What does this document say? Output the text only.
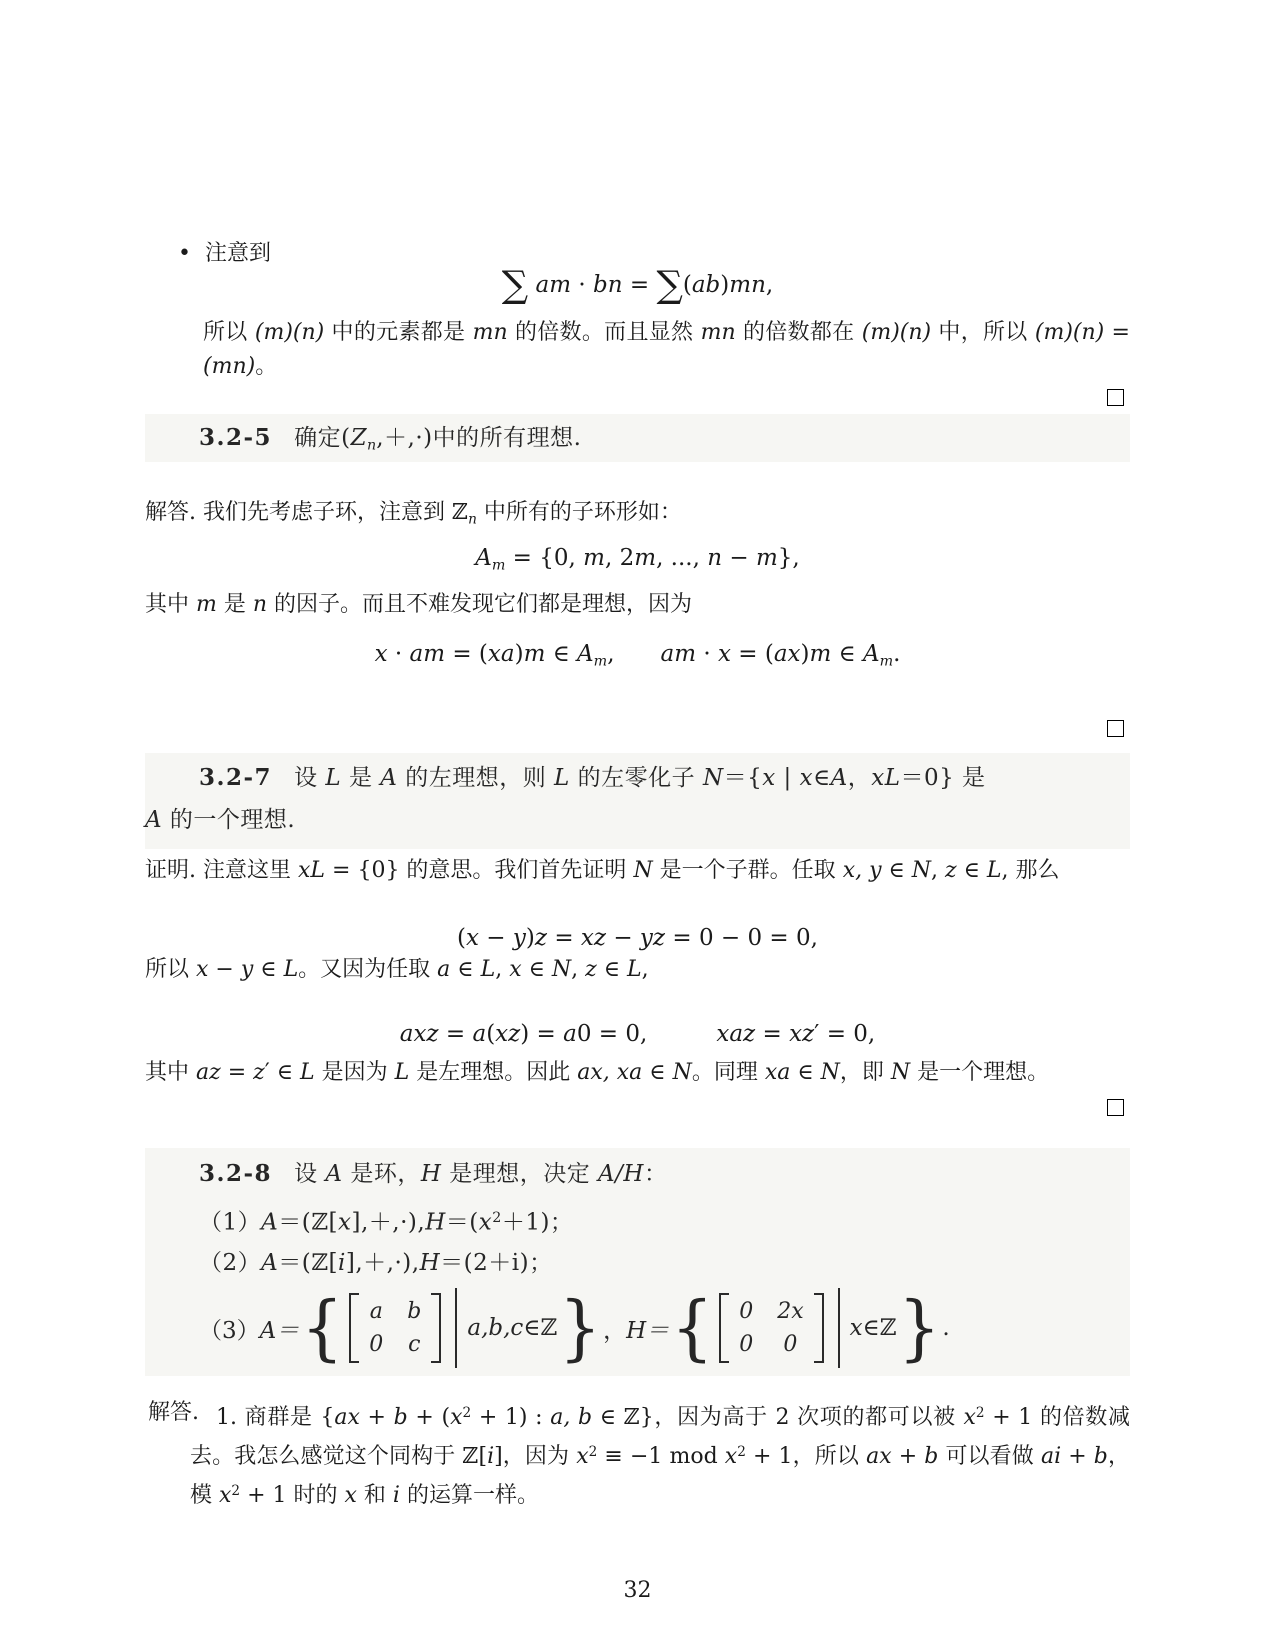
• 注意到
∑ am · bn = ∑(ab)mn,
所以 (m)(n) 中的元素都是 mn 的倍数。而且显然 mn 的倍数都在 (m)(n) 中，所以 (m)(n) = (mn)。
3.2-5 确定(Zn,＋,·)中的所有理想.
解答. 我们先考虑子环，注意到 ℤn 中所有的子环形如：
Am = {0, m, 2m, ..., n − m},
其中 m 是 n 的因子。而且不难发现它们都是理想，因为
x · am = (xa)m ∈ Am,　　am · x = (ax)m ∈ Am.
3.2-7 设 L 是 A 的左理想，则 L 的左零化子 N＝{x | x∈A，xL＝0} 是
A 的一个理想.
证明. 注意这里 xL = {0} 的意思。我们首先证明 N 是一个子群。任取 x, y ∈ N, z ∈ L, 那么
(x − y)z = xz − yz = 0 − 0 = 0,
所以 x − y ∈ L。又因为任取 a ∈ L, x ∈ N, z ∈ L,
axz = a(xz) = a0 = 0,　　　	xaz = xz′ = 0,
其中 az = z′ ∈ L 是因为 L 是左理想。因此 ax, xa ∈ N。同理 xa ∈ N，即 N 是一个理想。
3.2-8 设 A 是环，H 是理想，决定 A/H：
$(1)A=(ℤ[x],+,\cdot),H=(x^2+1)$；
（2）A＝(ℤ[i],＋,·),H＝(2＋i)；
（3） A＝ { a b
0 c
a,b,c∈ℤ } ， H＝ { 0 2x
0 0
x∈ℤ } .
解答. 1. 商群是 {$ax + b + (x^2 + 1)$ : a, b ∈ ℤ}，因为高于 2 次项的都可以被 $x^2 + 1$ 的倍数减去。我怎么感觉这个同构于 ℤ[i]，因为 $x^2 \equiv -1$ mod $x^2 + 1$，所以 ax + b 可以看做 ai + b，模 $x^2 + 1$ 时的 x 和 i 的运算一样。
32
